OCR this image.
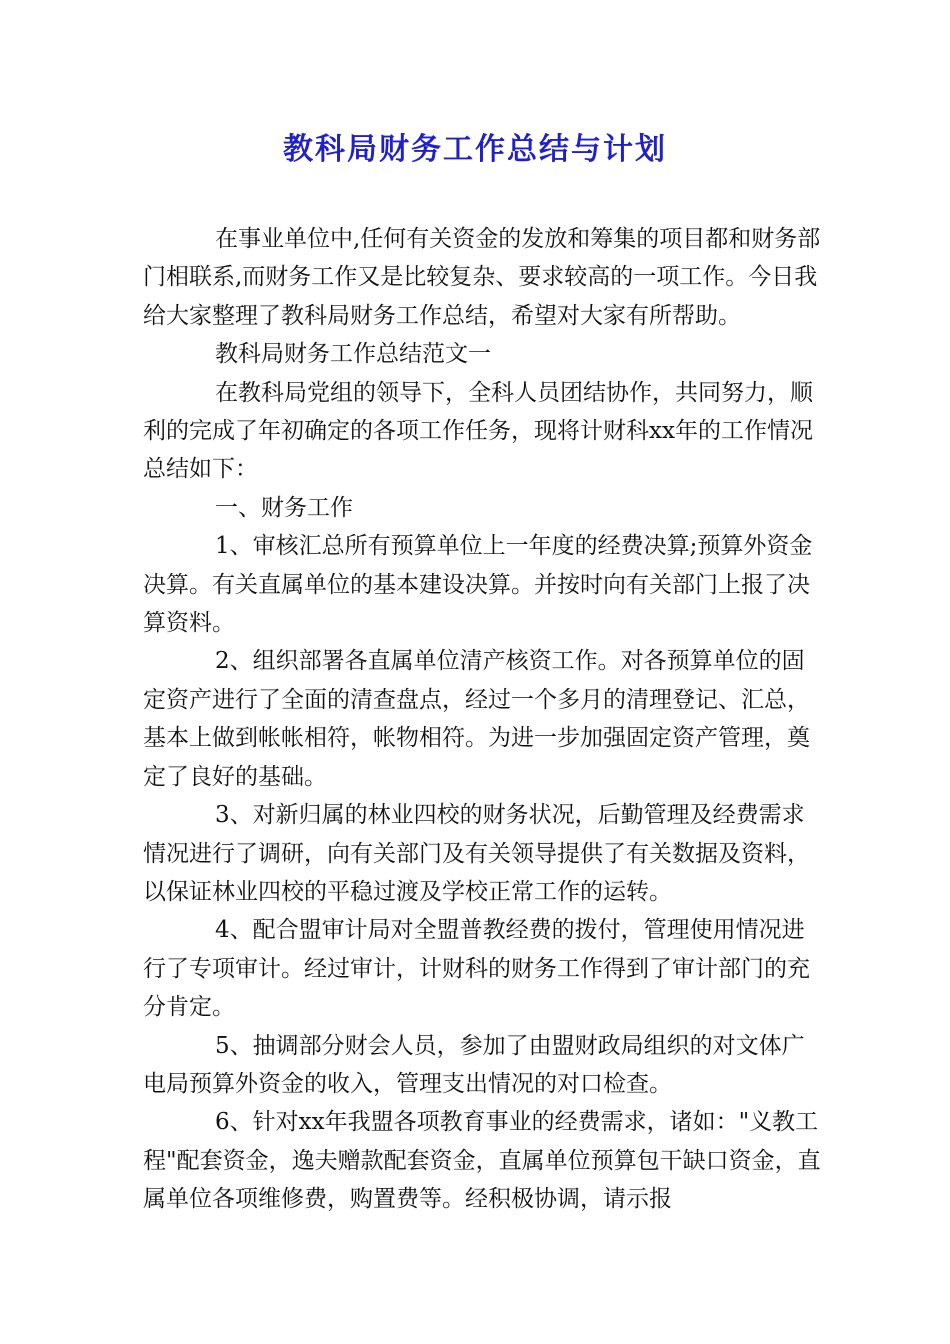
教科局财务工作总结与计划

在事业单位中,任何有关资金的发放和筹集的项目都和财务部门相联系,而财务工作又是比较复杂、要求较高的一项工作。今日我给大家整理了教科局财务工作总结，希望对大家有所帮助。

教科局财务工作总结范文一

在教科局党组的领导下，全科人员团结协作，共同努力，顺利的完成了年初确定的各项工作任务，现将计财科xx年的工作情况总结如下：

一、财务工作

1、审核汇总所有预算单位上一年度的经费决算;预算外资金决算。有关直属单位的基本建设决算。并按时向有关部门上报了决算资料。

2、组织部署各直属单位清产核资工作。对各预算单位的固定资产进行了全面的清查盘点，经过一个多月的清理登记、汇总，基本上做到帐帐相符，帐物相符。为进一步加强固定资产管理，奠定了良好的基础。

3、对新归属的林业四校的财务状况，后勤管理及经费需求情况进行了调研，向有关部门及有关领导提供了有关数据及资料，以保证林业四校的平稳过渡及学校正常工作的运转。

4、配合盟审计局对全盟普教经费的拨付，管理使用情况进行了专项审计。经过审计，计财科的财务工作得到了审计部门的充分肯定。

5、抽调部分财会人员，参加了由盟财政局组织的对文体广电局预算外资金的收入，管理支出情况的对口检查。

6、针对xx年我盟各项教育事业的经费需求，诸如："义教工程"配套资金，逸夫赠款配套资金，直属单位预算包干缺口资金，直属单位各项维修费，购置费等。经积极协调，请示报
